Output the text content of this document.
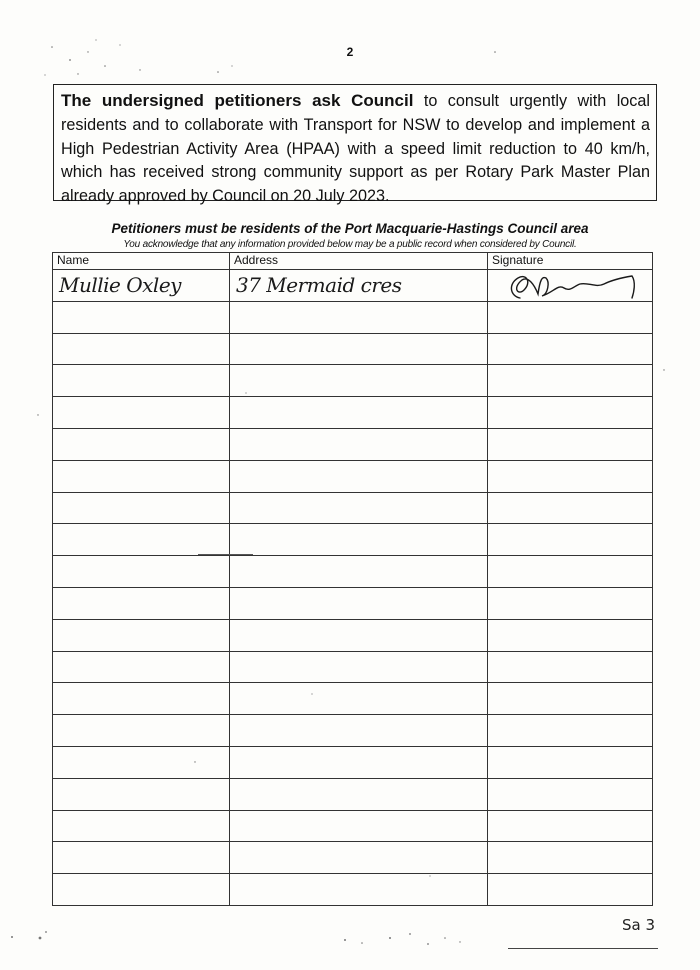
2
The undersigned petitioners ask Council to consult urgently with local residents and to collaborate with Transport for NSW to develop and implement a High Pedestrian Activity Area (HPAA) with a speed limit reduction to 40 km/h, which has received strong community support as per Rotary Park Master Plan already approved by Council on 20 July 2023.
Petitioners must be residents of the Port Macquarie-Hastings Council area
You acknowledge that any information provided below may be a public record when considered by Council.
Name	Address	Signature

Mullie Oxley	37 Mermaid cres

Sa 3
